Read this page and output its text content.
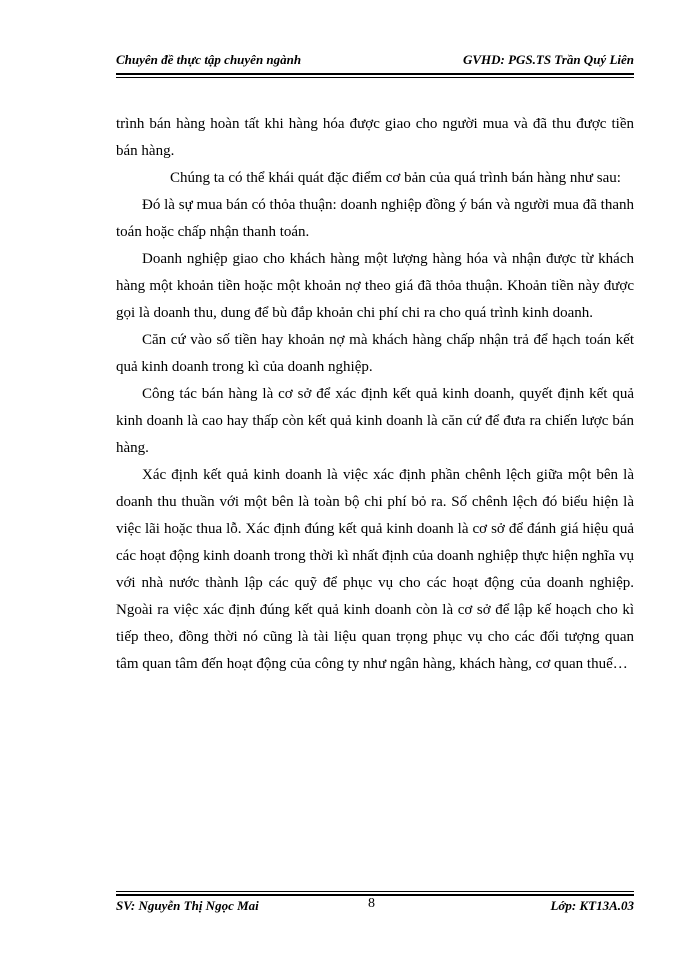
Chuyên đề thực tập chuyên ngành	GVHD: PGS.TS Trần Quý Liên

trình bán hàng hoàn tất khi hàng hóa được giao cho người mua và đã thu được tiền bán hàng.

Chúng ta có thể khái quát đặc điểm cơ bản của quá trình bán hàng như sau:

Đó là sự mua bán có thỏa thuận: doanh nghiệp đồng ý bán và người mua đã thanh toán hoặc chấp nhận thanh toán.

Doanh nghiệp giao cho khách hàng một lượng hàng hóa và nhận được từ khách hàng một khoản tiền hoặc một khoản nợ theo giá đã thỏa thuận. Khoản tiền này được gọi là doanh thu, dung để bù đắp khoản chi phí chi ra cho quá trình kinh doanh.

Căn cứ vào số tiền hay khoản nợ mà khách hàng chấp nhận trả để hạch toán kết quả kinh doanh trong kì của doanh nghiệp.

Công tác bán hàng là cơ sở để xác định kết quả kinh doanh, quyết định kết quả kinh doanh là cao hay thấp còn kết quả kinh doanh là căn cứ để đưa ra chiến lược bán hàng.

Xác định kết quả kinh doanh là việc xác định phần chênh lệch giữa một bên là doanh thu thuần với một bên là toàn bộ chi phí bỏ ra. Số chênh lệch đó biểu hiện là việc lãi hoặc thua lỗ. Xác định đúng kết quả kinh doanh là cơ sở để đánh giá hiệu quả các hoạt động kinh doanh trong thời kì nhất định của doanh nghiệp thực hiện nghĩa vụ với nhà nước thành lập các quỹ để phục vụ cho các hoạt động của doanh nghiệp. Ngoài ra việc xác định đúng kết quả kinh doanh còn là cơ sở để lập kế hoạch cho kì tiếp theo, đồng thời nó cũng là tài liệu quan trọng phục vụ cho các đối tượng quan tâm quan tâm đến hoạt động của công ty như ngân hàng, khách hàng, cơ quan thuế…

SV: Nguyễn Thị Ngọc Mai	8	Lớp: KT13A.03
